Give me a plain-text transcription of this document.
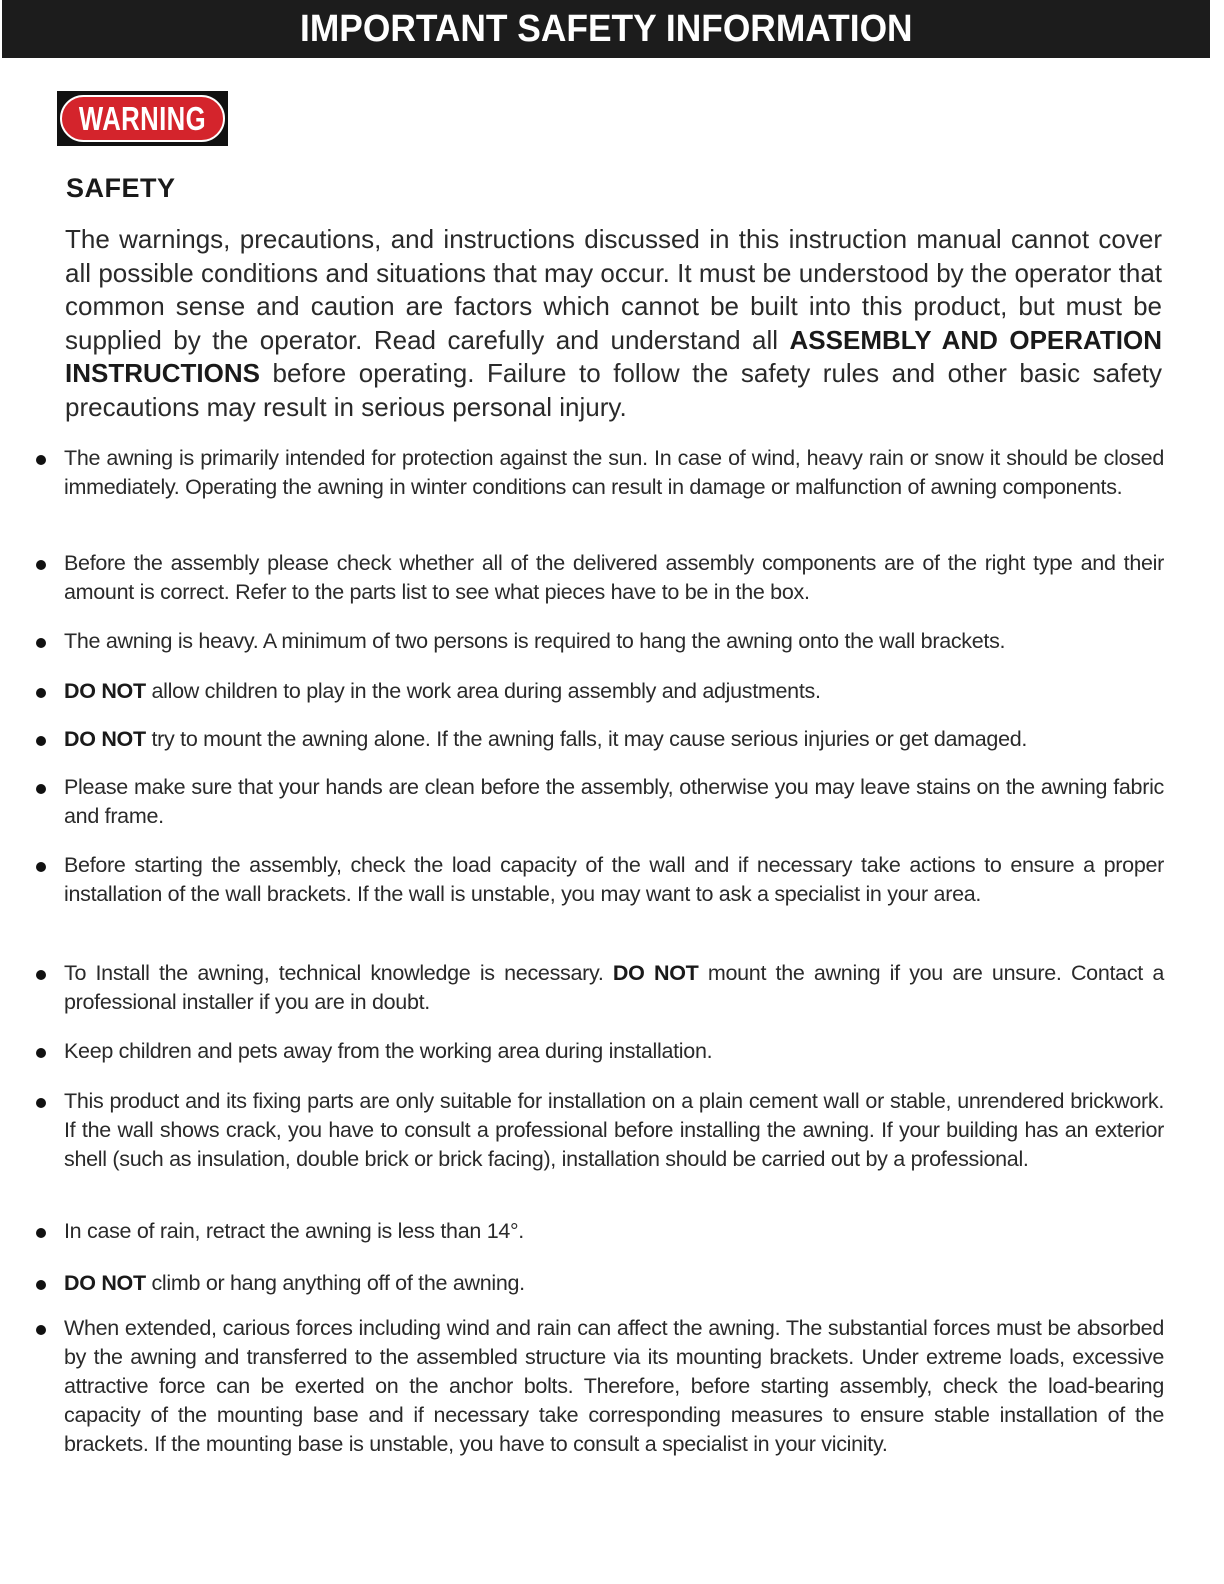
IMPORTANT SAFETY INFORMATION
WARNING
SAFETY

The warnings, precautions, and instructions discussed in this instruction manual cannot cover all possible conditions and situations that may occur. It must be understood by the operator that common sense and caution are factors which cannot be built into this product, but must be supplied by the operator. Read carefully and understand all ASSEMBLY AND OPERATION INSTRUCTIONS before operating. Failure to follow the safety rules and other basic safety precautions may result in serious personal injury.

The awning is primarily intended for protection against the sun. In case of wind, heavy rain or snow it should be closed immediately. Operating the awning in winter conditions can result in damage or malfunction of awning components.
Before the assembly please check whether all of the delivered assembly components are of the right type and their amount is correct. Refer to the parts list to see what pieces have to be in the box.
The awning is heavy. A minimum of two persons is required to hang the awning onto the wall brackets.
DO NOT allow children to play in the work area during assembly and adjustments.
DO NOT try to mount the awning alone. If the awning falls, it may cause serious injuries or get damaged.
Please make sure that your hands are clean before the assembly, otherwise you may leave stains on the awning fabric and frame.
Before starting the assembly, check the load capacity of the wall and if necessary take actions to ensure a proper installation of the wall brackets. If the wall is unstable, you may want to ask a specialist in your area.
To Install the awning, technical knowledge is necessary. DO NOT mount the awning if you are unsure. Contact a professional installer if you are in doubt.
Keep children and pets away from the working area during installation.
This product and its fixing parts are only suitable for installation on a plain cement wall or stable, unrendered brickwork. If the wall shows crack, you have to consult a professional before installing the awning. If your building has an exterior shell (such as insulation, double brick or brick facing), installation should be carried out by a professional.
In case of rain, retract the awning is less than 14°.
DO NOT climb or hang anything off of the awning.
When extended, carious forces including wind and rain can affect the awning. The substantial forces must be absorbed by the awning and transferred to the assembled structure via its mounting brackets. Under extreme loads, excessive attractive force can be exerted on the anchor bolts. Therefore, before starting assembly, check the load-bearing capacity of the mounting base and if necessary take corresponding measures to ensure stable installation of the brackets. If the mounting base is unstable, you have to consult a specialist in your vicinity.
